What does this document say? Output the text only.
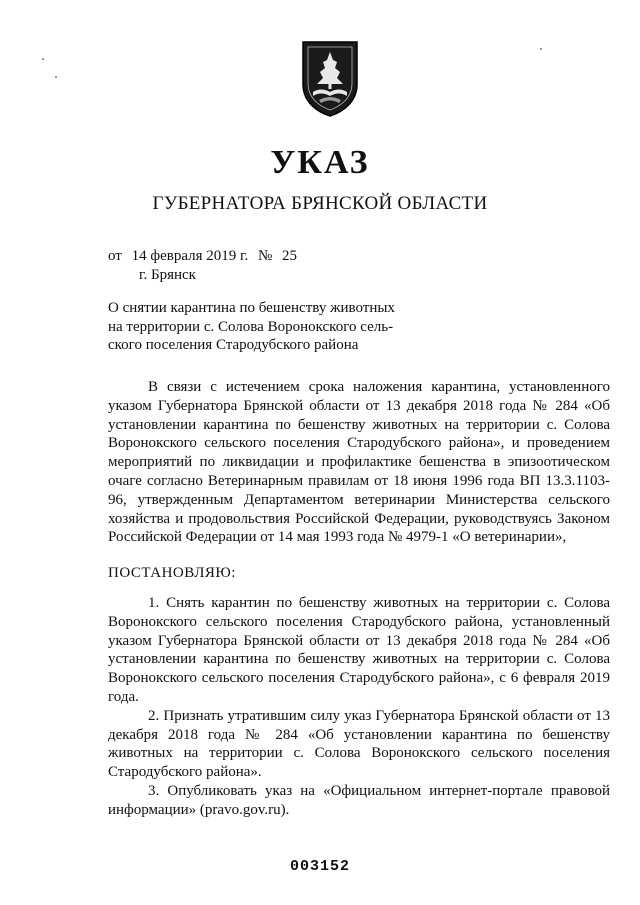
УКАЗ
ГУБЕРНАТОРА БРЯНСКОЙ ОБЛАСТИ
от 14 февраля 2019 г. № 25
г. Брянск
О снятии карантина по бешенству животных
на территории с. Солова Воронокского сель-
ского поселения Стародубского района

В связи с истечением срока наложения карантина, установленного указом Губернатора Брянской области от 13 декабря 2018 года № 284 «Об установлении карантина по бешенству животных на территории с. Солова Воронокского сельского поселения Стародубского района», и проведением мероприятий по ликвидации и профилактике бешенства в эпизоотическом очаге согласно Ветеринарным правилам от 18 июня 1996 года ВП 13.3.1103-96, утвержденным Департаментом ветеринарии Министерства сельского хозяйства и продовольствия Российской Федерации, руководствуясь Законом Российской Федерации от 14 мая 1993 года № 4979-1 «О ветеринарии»,

ПОСТАНОВЛЯЮ:

1. Снять карантин по бешенству животных на территории с. Солова Воронокского сельского поселения Стародубского района, установленный указом Губернатора Брянской области от 13 декабря 2018 года № 284 «Об установлении карантина по бешенству животных на территории с. Солова Воронокского сельского поселения Стародубского района», с 6 февраля 2019 года.

2. Признать утратившим силу указ Губернатора Брянской области от 13 декабря 2018 года № 284 «Об установлении карантина по бешенству животных на территории с. Солова Воронокского сельского поселения Стародубского района».

3. Опубликовать указ на «Официальном интернет-портале правовой информации» (pravo.gov.ru).

003152
